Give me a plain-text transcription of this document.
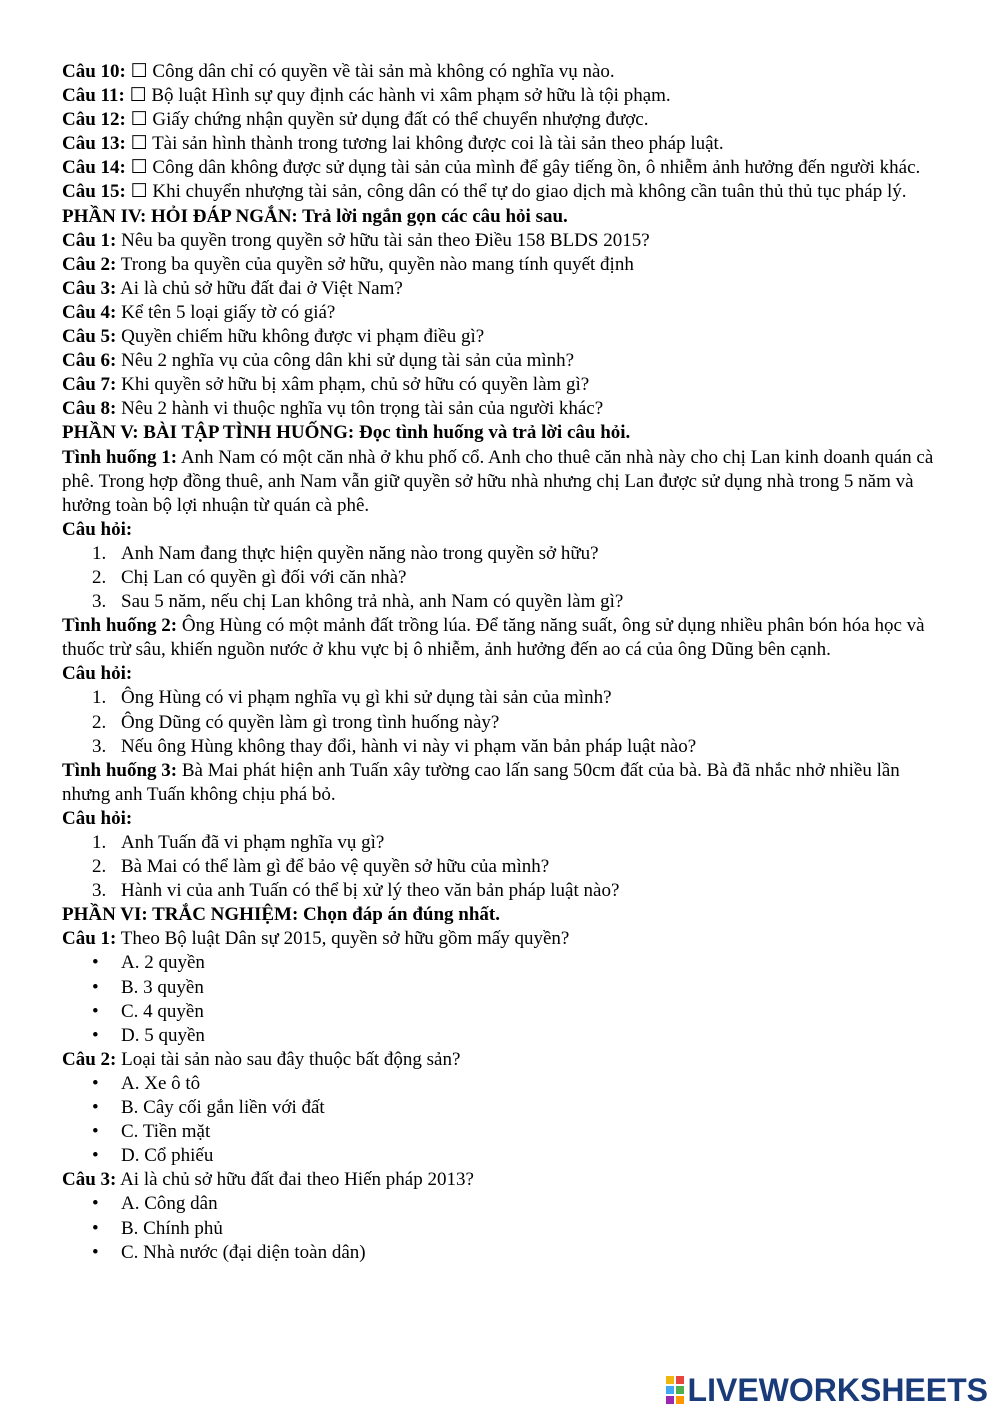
Câu 10: ☐ Công dân chỉ có quyền về tài sản mà không có nghĩa vụ nào.

Câu 11: ☐ Bộ luật Hình sự quy định các hành vi xâm phạm sở hữu là tội phạm.

Câu 12: ☐ Giấy chứng nhận quyền sử dụng đất có thể chuyển nhượng được.

Câu 13: ☐ Tài sản hình thành trong tương lai không được coi là tài sản theo pháp luật.

Câu 14: ☐ Công dân không được sử dụng tài sản của mình để gây tiếng ồn, ô nhiễm ảnh hưởng đến người khác.

Câu 15: ☐ Khi chuyển nhượng tài sản, công dân có thể tự do giao dịch mà không cần tuân thủ thủ tục pháp lý.

PHẦN IV: HỎI ĐÁP NGẮN: Trả lời ngắn gọn các câu hỏi sau.

Câu 1: Nêu ba quyền trong quyền sở hữu tài sản theo Điều 158 BLDS 2015?

Câu 2: Trong ba quyền của quyền sở hữu, quyền nào mang tính quyết định

Câu 3: Ai là chủ sở hữu đất đai ở Việt Nam?

Câu 4: Kể tên 5 loại giấy tờ có giá?

Câu 5: Quyền chiếm hữu không được vi phạm điều gì?

Câu 6: Nêu 2 nghĩa vụ của công dân khi sử dụng tài sản của mình?

Câu 7: Khi quyền sở hữu bị xâm phạm, chủ sở hữu có quyền làm gì?

Câu 8: Nêu 2 hành vi thuộc nghĩa vụ tôn trọng tài sản của người khác?

PHẦN V: BÀI TẬP TÌNH HUỐNG: Đọc tình huống và trả lời câu hỏi.

Tình huống 1: Anh Nam có một căn nhà ở khu phố cổ. Anh cho thuê căn nhà này cho chị Lan kinh doanh quán cà phê. Trong hợp đồng thuê, anh Nam vẫn giữ quyền sở hữu nhà nhưng chị Lan được sử dụng nhà trong 5 năm và hưởng toàn bộ lợi nhuận từ quán cà phê.

Câu hỏi:

1. Anh Nam đang thực hiện quyền năng nào trong quyền sở hữu?
2. Chị Lan có quyền gì đối với căn nhà?
3. Sau 5 năm, nếu chị Lan không trả nhà, anh Nam có quyền làm gì?

Tình huống 2: Ông Hùng có một mảnh đất trồng lúa. Để tăng năng suất, ông sử dụng nhiều phân bón hóa học và thuốc trừ sâu, khiến nguồn nước ở khu vực bị ô nhiễm, ảnh hưởng đến ao cá của ông Dũng bên cạnh.

Câu hỏi:

1. Ông Hùng có vi phạm nghĩa vụ gì khi sử dụng tài sản của mình?
2. Ông Dũng có quyền làm gì trong tình huống này?
3. Nếu ông Hùng không thay đổi, hành vi này vi phạm văn bản pháp luật nào?

Tình huống 3: Bà Mai phát hiện anh Tuấn xây tường cao lấn sang 50cm đất của bà. Bà đã nhắc nhở nhiều lần nhưng anh Tuấn không chịu phá bỏ.

Câu hỏi:

1. Anh Tuấn đã vi phạm nghĩa vụ gì?
2. Bà Mai có thể làm gì để bảo vệ quyền sở hữu của mình?
3. Hành vi của anh Tuấn có thể bị xử lý theo văn bản pháp luật nào?

PHẦN VI: TRẮC NGHIỆM: Chọn đáp án đúng nhất.

Câu 1: Theo Bộ luật Dân sự 2015, quyền sở hữu gồm mấy quyền?

• A. 2 quyền
• B. 3 quyền
• C. 4 quyền
• D. 5 quyền

Câu 2: Loại tài sản nào sau đây thuộc bất động sản?

• A. Xe ô tô
• B. Cây cối gắn liền với đất
• C. Tiền mặt
• D. Cổ phiếu

Câu 3: Ai là chủ sở hữu đất đai theo Hiến pháp 2013?

• A. Công dân
• B. Chính phủ
• C. Nhà nước (đại diện toàn dân)
LIVEWORKSHEETS
